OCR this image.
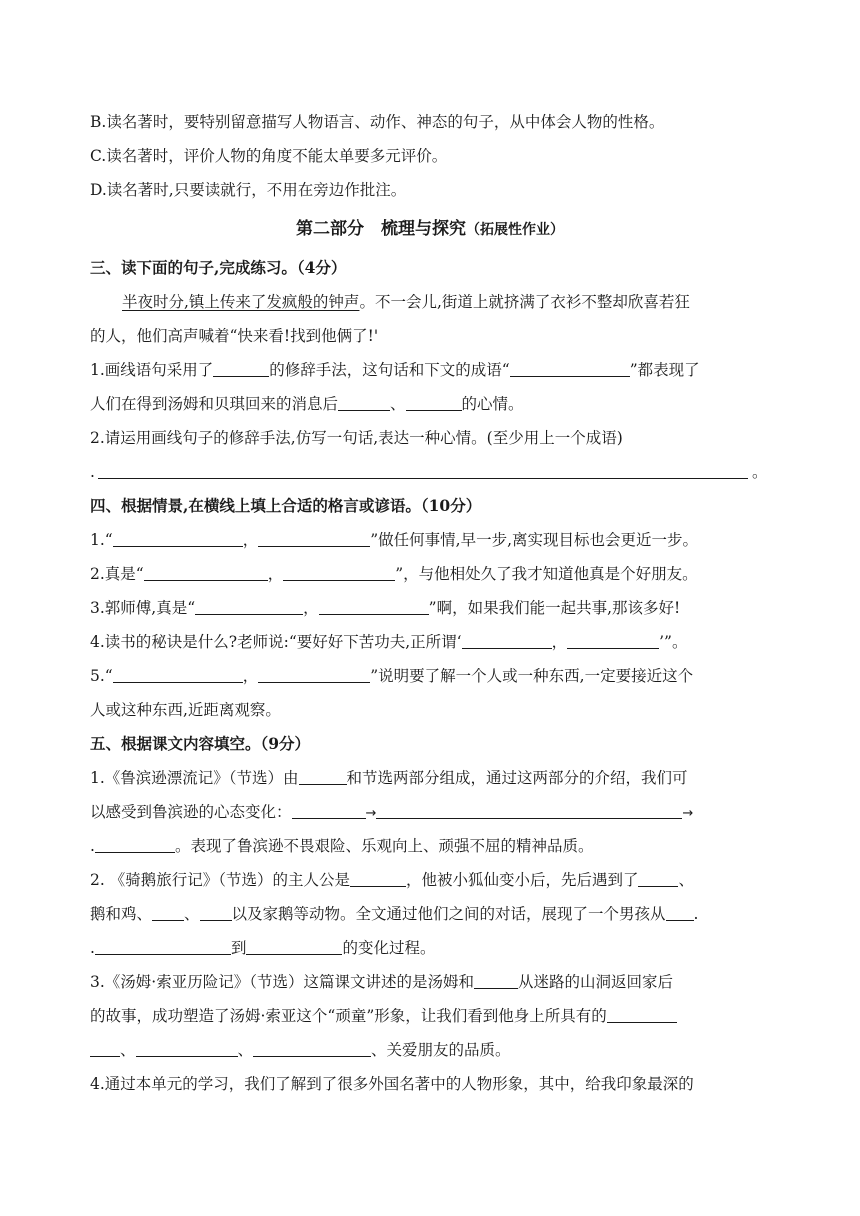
B.读名著时，要特别留意描写人物语言、动作、神态的句子，从中体会人物的性格。
C.读名著时，评价人物的角度不能太单要多元评价。
D.读名著时,只要读就行，不用在旁边作批注。
第二部分　梳理与探究（拓展性作业）
三、读下面的句子,完成练习。（4分）
半夜时分,镇上传来了发疯般的钟声。不一会儿,街道上就挤满了衣衫不整却欣喜若狂
的人，他们高声喊着“快来看!找到他俩了!'
1.画线语句采用了	的修辞手法，这句话和下文的成语“	”都表现了
人们在得到汤姆和贝琪回来的消息后	、	的心情。
2.请运用画线句子的修辞手法,仿写一句话,表达一种心情。(至少用上一个成语)
.	。
四、根据情景,在横线上填上合适的格言或谚语。（10分）
1.“	，	”做任何事情,早一步,离实现目标也会更近一步。
2.真是“	，	”，与他相处久了我才知道他真是个好朋友。
3.郭师傅,真是“	，	”啊，如果我们能一起共事,那该多好!
4.读书的秘诀是什么?老师说:“要好好下苦功夫,正所谓‘	，	’”。
5.“	，	”说明要了解一个人或一种东西,一定要接近这个
人或这种东西,近距离观察。
五、根据课文内容填空。（9分）
1.《鲁滨逊漂流记》（节选）由	和节选两部分组成，通过这两部分的介绍，我们可
以感受到鲁滨逊的心态变化：	→	→
.	。表现了鲁滨逊不畏艰险、乐观向上、顽强不屈的精神品质。
2. 《骑鹅旅行记》（节选）的主人公是	，他被小狐仙变小后，先后遇到了	、
鹅和鸡、 、 以及家鹅等动物。全文通过他们之间的对话，展现了一个男孩从 .
.	到	的变化过程。
3.《汤姆·索亚历险记》（节选）这篇课文讲述的是汤姆和	从迷路的山洞返回家后
的故事，成功塑造了汤姆·索亚这个“顽童”形象，让我们看到他身上所具有的
、	、	、关爱朋友的品质。
4.通过本单元的学习，我们了解到了很多外国名著中的人物形象，其中，给我印象最深的
